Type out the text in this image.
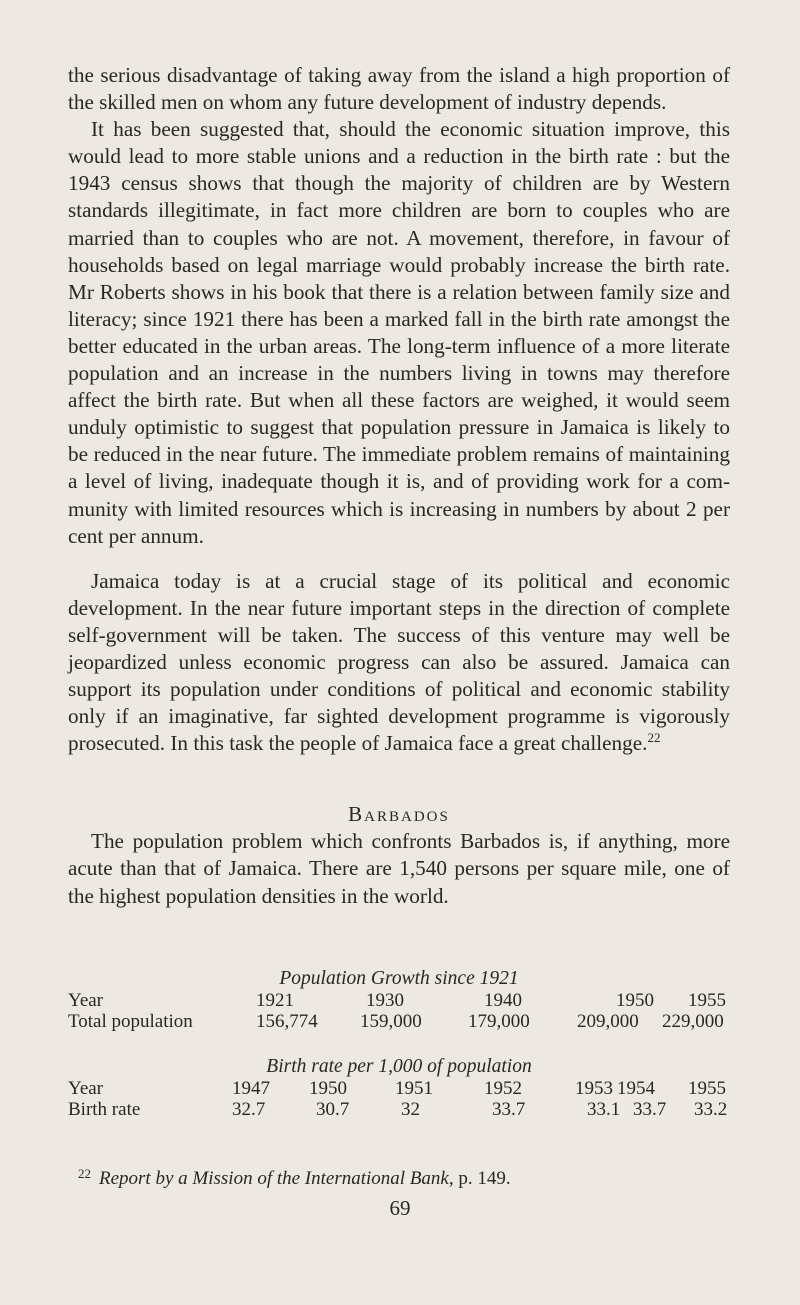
the serious disadvantage of taking away from the island a high proportion of the skilled men on whom any future development of industry depends.

It has been suggested that, should the economic situation improve, this would lead to more stable unions and a reduction in the birth rate : but the 1943 census shows that though the majority of children are by Western standards illegitimate, in fact more children are born to couples who are married than to couples who are not. A movement, therefore, in favour of households based on legal marriage would probably increase the birth rate. Mr Roberts shows in his book that there is a relation between family size and literacy; since 1921 there has been a marked fall in the birth rate amongst the better educated in the urban areas. The long-term influence of a more literate population and an increase in the numbers living in towns may therefore affect the birth rate. But when all these factors are weighed, it would seem unduly optimistic to suggest that population pressure in Jamaica is likely to be reduced in the near future. The immediate problem remains of maintaining a level of living, inadequate though it is, and of providing work for a community with limited resources which is increasing in numbers by about 2 per cent per annum.

Jamaica today is at a crucial stage of its political and economic development. In the near future important steps in the direction of complete self-government will be taken. The success of this venture may well be jeopardized unless economic progress can also be assured. Jamaica can support its population under conditions of political and economic stability only if an imaginative, far sighted development programme is vigorously prosecuted. In this task the people of Jamaica face a great challenge.$^{22}$

Barbados

The population problem which confronts Barbados is, if anything, more acute than that of Jamaica. There are 1,540 persons per square mile, one of the highest population densities in the world.

Population Growth since 1921
Year	1921	1930	1940	1950 1955
Total population	156,774 159,000 179,000 209,000 229,000
Birth rate per 1,000 of population
Year	1947 1950	1951	1952	1953 1954 1955
Birth rate	32.7	30.7	32	33.7	33.1 33.7 33.2
$^{22}$ Report by a Mission of the International Bank, p. 149.
69
